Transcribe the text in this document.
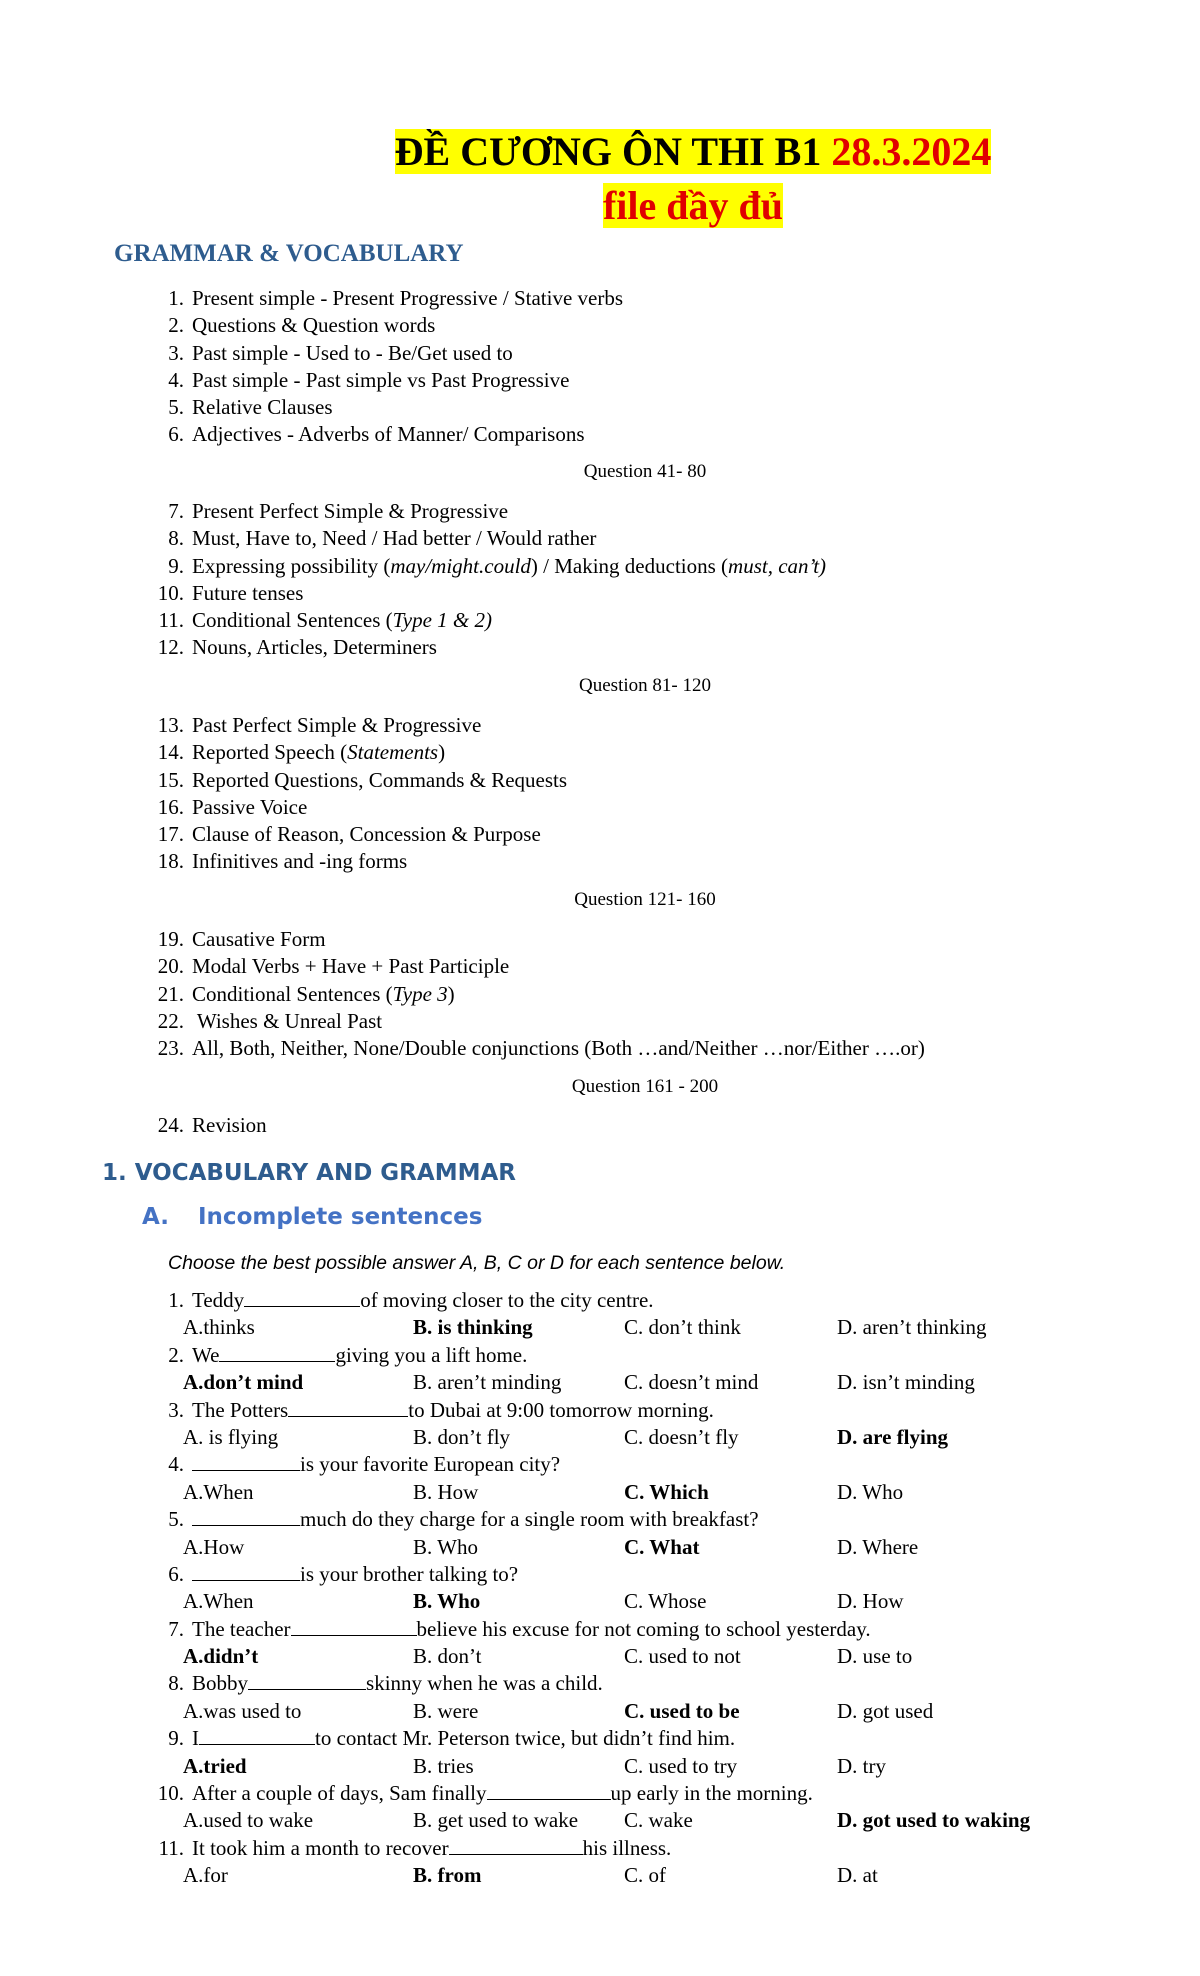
ĐỀ CƯƠNG ÔN THI B1 28.3.2024
file đầy đủ
GRAMMAR & VOCABULARY
1. Present simple - Present Progressive / Stative verbs
2. Questions & Question words
3. Past simple - Used to - Be/Get used to
4. Past simple - Past simple vs Past Progressive
5. Relative Clauses
6. Adjectives - Adverbs of Manner/ Comparisons
Question 41- 80
7. Present Perfect Simple & Progressive
8. Must, Have to, Need / Had better / Would rather
9. Expressing possibility (may/might.could) / Making deductions (must, can’t)
10. Future tenses
11. Conditional Sentences (Type 1 & 2)
12. Nouns, Articles, Determiners
Question 81- 120
13. Past Perfect Simple & Progressive
14. Reported Speech (Statements)
15. Reported Questions, Commands & Requests
16. Passive Voice
17. Clause of Reason, Concession & Purpose
18. Infinitives and -ing forms
Question 121- 160
19. Causative Form
20. Modal Verbs + Have + Past Participle
21. Conditional Sentences (Type 3)
22. Wishes & Unreal Past
23. All, Both, Neither, None/Double conjunctions (Both …and/Neither …nor/Either ….or)
Question 161 - 200
24. Revision
1. VOCABULARY AND GRAMMAR
A. Incomplete sentences
Choose the best possible answer A, B, C or D for each sentence below.
1. Teddy	of moving closer to the city centre.
A.thinks	B. is thinking	C. don’t think	D. aren’t thinking
2. We	giving you a lift home.
A.don’t mind	B. aren’t minding	C. doesn’t mind	D. isn’t minding
3. The Potters	to Dubai at 9:00 tomorrow morning.
A. is flying	B. don’t fly	C. doesn’t fly	D. are flying
4.	is your favorite European city?
A.When	B. How	C. Which	D. Who
5.	much do they charge for a single room with breakfast?
A.How	B. Who	C. What	D. Where
6.	is your brother talking to?
A.When	B. Who	C. Whose	D. How
7. The teacher	believe his excuse for not coming to school yesterday.
A.didn’t	B. don’t	C. used to not	D. use to
8. Bobby	skinny when he was a child.
A.was used to	B. were	C. used to be	D. got used
9. I	to contact Mr. Peterson twice, but didn’t find him.
A.tried	B. tries	C. used to try	D. try
10. After a couple of days, Sam finally	up early in the morning.
A.used to wake	B. get used to wake C. wake	D. got used to waking
11. It took him a month to recover	his illness.
A.for	B. from	C. of	D. at
